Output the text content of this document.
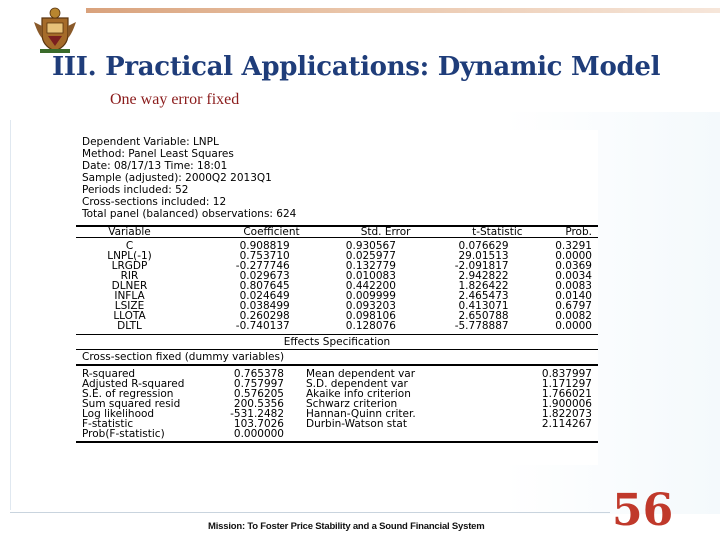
III. Practical Applications: Dynamic Model
One way error fixed
Dependent Variable: LNPL
Method: Panel Least Squares
Date: 08/17/13 Time: 18:01
Sample (adjusted): 2000Q2 2013Q1
Periods included: 52
Cross-sections included: 12
Total panel (balanced) observations: 624
Variable	Coefficient	Std. Error	t-Statistic	Prob.
C	0.908819	0.930567	0.076629	0.3291
LNPL(-1)	0.753710	0.025977	29.01513	0.0000
LRGDP	-0.277746	0.132779	-2.091817	0.0369
RIR	0.029673	0.010083	2.942822	0.0034
DLNER	0.807645	0.442200	1.826422	0.0083
INFLA	0.024649	0.009999	2.465473	0.0140
LSIZE	0.038499	0.093203	0.413071	0.6797
LLOTA	0.260298	0.098106	2.650788	0.0082
DLTL	-0.740137	0.128076	-5.778887	0.0000
Effects Specification
Cross-section fixed (dummy variables)
R-squared	0.765378	Mean dependent var	0.837997
Adjusted R-squared	0.757997	S.D. dependent var	1.171297
S.E. of regression	0.576205	Akaike info criterion	1.766021
Sum squared resid	200.5356	Schwarz criterion	1.900006
Log likelihood	-531.2482	Hannan-Quinn criter.	1.822073
F-statistic	103.7026	Durbin-Watson stat	2.114267
Prob(F-statistic)	0.000000		
Mission: To Foster Price Stability and a Sound Financial System	56
